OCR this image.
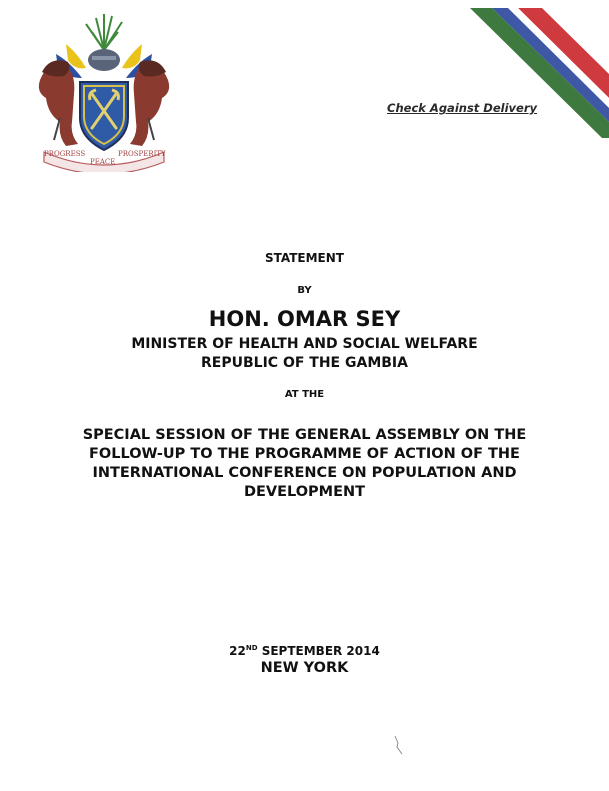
PROGRESS
PEACE
PROSPERITY
Check Against Delivery
STATEMENT
BY
HON. OMAR SEY
MINISTER OF HEALTH AND SOCIAL WELFARE
REPUBLIC OF THE GAMBIA
AT THE
SPECIAL SESSION OF THE GENERAL ASSEMBLY ON THE
FOLLOW-UP TO THE PROGRAMME OF ACTION OF THE
INTERNATIONAL CONFERENCE ON POPULATION AND
DEVELOPMENT
22ND SEPTEMBER 2014
NEW YORK
